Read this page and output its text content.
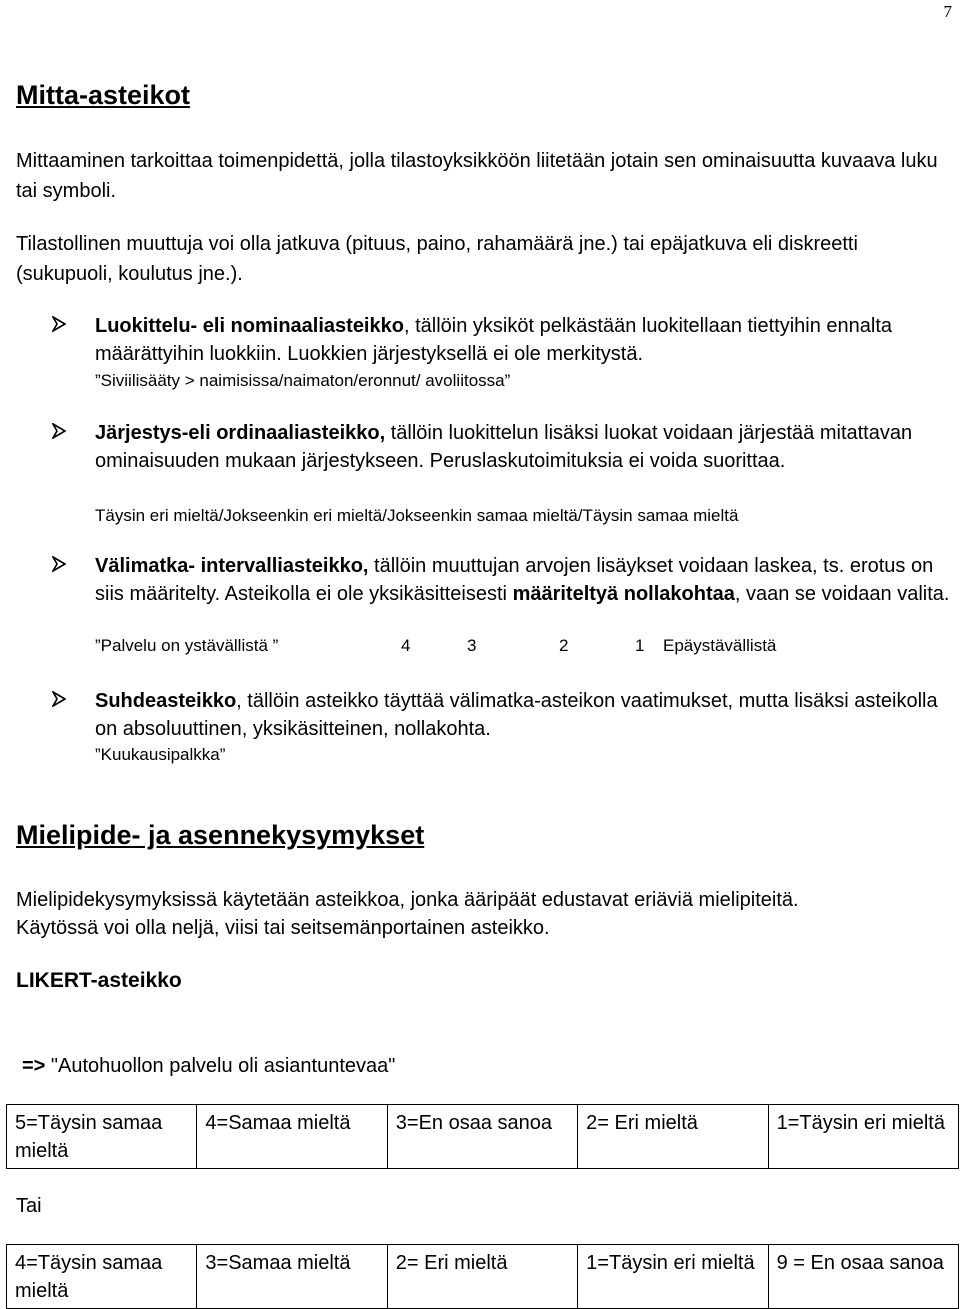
7
Mitta-asteikot
Mittaaminen tarkoittaa toimenpidettä, jolla tilastoyksikköön liitetään jotain sen ominaisuutta kuvaava luku tai symboli.
Tilastollinen muuttuja voi olla jatkuva (pituus, paino, rahamäärä jne.) tai epäjatkuva eli diskreetti (sukupuoli, koulutus jne.).
Luokittelu- eli nominaaliasteikko, tällöin yksiköt pelkästään luokitellaan tiettyihin ennalta määrättyihin luokkiin. Luokkien järjestyksellä ei ole merkitystä.
”Siviilisääty > naimisissa/naimaton/eronnut/ avoliitossa”
Järjestys-eli ordinaaliasteikko, tällöin luokittelun lisäksi luokat voidaan järjestää mitattavan ominaisuuden mukaan järjestykseen. Peruslaskutoimituksia ei voida suorittaa.
Täysin eri mieltä/Jokseenkin eri mieltä/Jokseenkin samaa mieltä/Täysin samaa mieltä
Välimatka- intervalliasteikko, tällöin muuttujan arvojen lisäykset voidaan laskea, ts. erotus on siis määritelty. Asteikolla ei ole yksikäsitteisesti määriteltyä nollakohtaa, vaan se voidaan valita.
”Palvelu on ystävällistä ”	4	3	2	1 Epäystävällistä
Suhdeasteikko, tällöin asteikko täyttää välimatka-asteikon vaatimukset, mutta lisäksi asteikolla on absoluuttinen, yksikäsitteinen, nollakohta.
”Kuukausipalkka”
Mielipide- ja asennekysymykset
Mielipidekysymyksissä käytetään asteikkoa, jonka ääripäät edustavat eriäviä mielipiteitä.
Käytössä voi olla neljä, viisi tai seitsemänportainen asteikko.
LIKERT-asteikko
=> "Autohuollon palvelu oli asiantuntevaa"
5=Täysin samaa mieltä	4=Samaa mieltä	3=En osaa sanoa	2= Eri mieltä	1=Täysin eri mieltä
Tai
4=Täysin samaa mieltä	3=Samaa mieltä	2= Eri mieltä	1=Täysin eri mieltä	9 = En osaa sanoa
